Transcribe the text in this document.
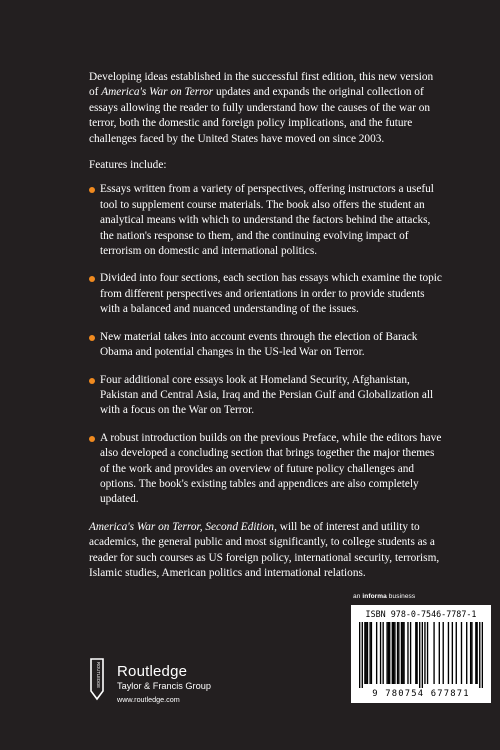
Developing ideas established in the successful first edition, this new version of America's War on Terror updates and expands the original collection of essays allowing the reader to fully understand how the causes of the war on terror, both the domestic and foreign policy implications, and the future challenges faced by the United States have moved on since 2003.

Features include:

Essays written from a variety of perspectives, offering instructors a useful tool to supplement course materials. The book also offers the student an analytical means with which to understand the factors behind the attacks, the nation's response to them, and the continuing evolving impact of terrorism on domestic and international politics.
Divided into four sections, each section has essays which examine the topic from different perspectives and orientations in order to provide students with a balanced and nuanced understanding of the issues.
New material takes into account events through the election of Barack Obama and potential changes in the US-led War on Terror.
Four additional core essays look at Homeland Security, Afghanistan, Pakistan and Central Asia, Iraq and the Persian Gulf and Globalization all with a focus on the War on Terror.
A robust introduction builds on the previous Preface, while the editors have also developed a concluding section that brings together the major themes of the work and provides an overview of future policy challenges and options. The book's existing tables and appendices are also completely updated.

America's War on Terror, Second Edition, will be of interest and utility to academics, the general public and most significantly, to college students as a reader for such courses as US foreign policy, international security, terrorism, Islamic studies, American politics and international relations.

an informa business
ISBN 978-0-7546-7787-1
9 780754 677871
ROUTLEDGE Routledge
Taylor & Francis Group
www.routledge.com
